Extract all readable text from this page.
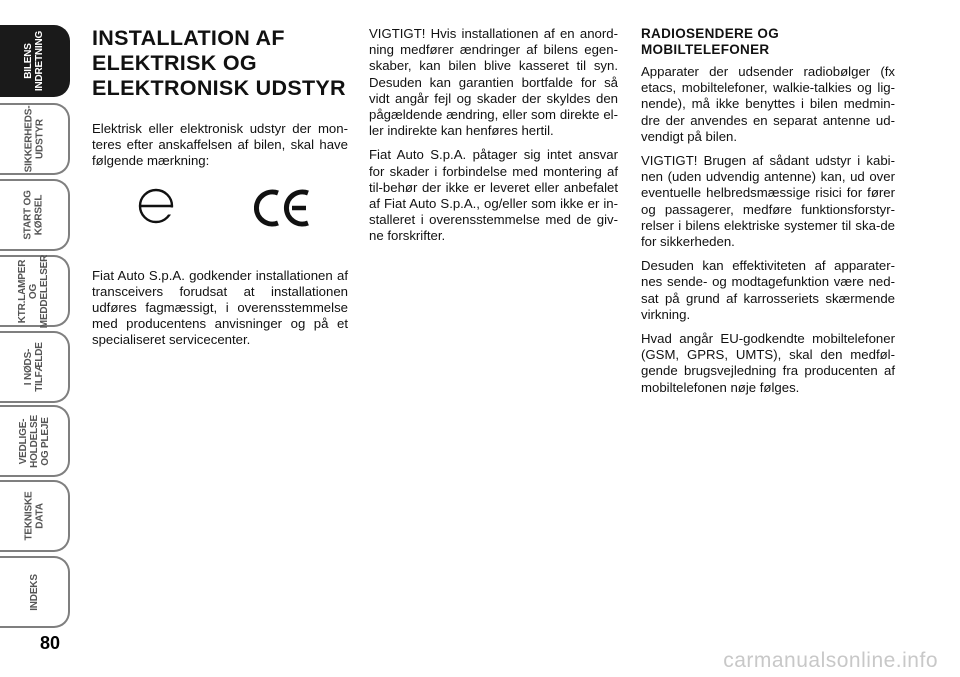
BILENS
INDRETNING
SIKKERHEDS-
UDSTYR
START OG
KØRSEL
KTR.LAMPER
OG
MEDDELELSER
I NØDS-
TILFÆLDE
VEDLIGE-
HOLDELSE
OG PLEJE
TEKNISKE
DATA
INDEKS
80
INSTALLATION AF
ELEKTRISK OG
ELEKTRONISK UDSTYR

Elektrisk eller elektronisk udstyr der mon-teres efter anskaffelsen af bilen, skal have følgende mærkning:

Fiat Auto S.p.A. godkender installationen af transceivers forudsat at installationen udføres fagmæssigt, i overensstemmelse med producentens anvisninger og på et specialiseret servicecenter.

VIGTIGT! Hvis installationen af en anord-ning medfører ændringer af bilens egen-skaber, kan bilen blive kasseret til syn. Desuden kan garantien bortfalde for så vidt angår fejl og skader der skyldes den pågældende ændring, eller som direkte el-ler indirekte kan henføres hertil.

Fiat Auto S.p.A. påtager sig intet ansvar for skader i forbindelse med montering af til-behør der ikke er leveret eller anbefalet af Fiat Auto S.p.A., og/eller som ikke er in-stalleret i overensstemmelse med de giv-ne forskrifter.

RADIOSENDERE OG
MOBILTELEFONER

Apparater der udsender radiobølger (fx etacs, mobiltelefoner, walkie-talkies og lig-nende), må ikke benyttes i bilen medmin-dre der anvendes en separat antenne ud-vendigt på bilen.

VIGTIGT! Brugen af sådant udstyr i kabi-nen (uden udvendig antenne) kan, ud over eventuelle helbredsmæssige risici for fører og passagerer, medføre funktionsforstyr-relser i bilens elektriske systemer til ska-de for sikkerheden.

Desuden kan effektiviteten af apparater-nes sende- og modtagefunktion være ned-sat på grund af karrosseriets skærmende virkning.

Hvad angår EU-godkendte mobiltelefoner (GSM, GPRS, UMTS), skal den medføl-gende brugsvejledning fra producenten af mobiltelefonen nøje følges.

carmanualsonline.info
